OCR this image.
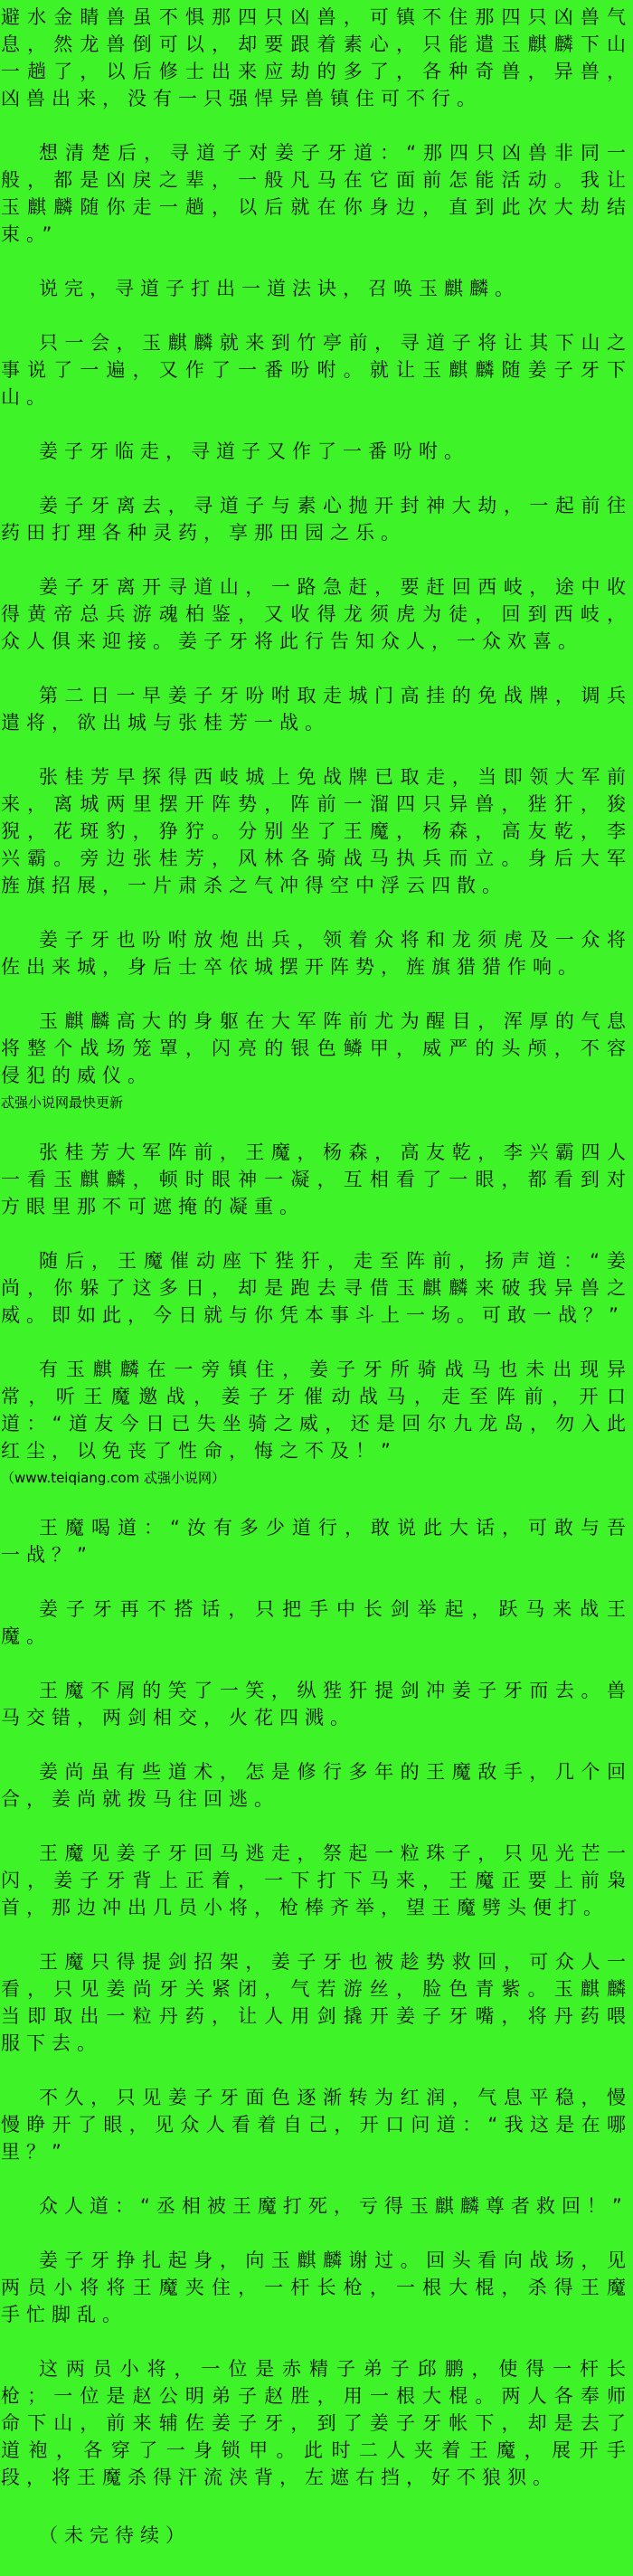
避水金睛兽虽不惧那四只凶兽，可镇不住那四只凶兽气息，然龙兽倒可以，却要跟着素心，只能遣玉麒麟下山一趟了，以后修士出来应劫的多了，各种奇兽，异兽，凶兽出来，没有一只强悍异兽镇住可不行。

想清楚后，寻道子对姜子牙道：“那四只凶兽非同一般，都是凶戾之辈，一般凡马在它面前怎能活动。我让玉麒麟随你走一趟，以后就在你身边，直到此次大劫结束。”

说完，寻道子打出一道法诀，召唤玉麒麟。

只一会，玉麒麟就来到竹亭前，寻道子将让其下山之事说了一遍，又作了一番吩咐。就让玉麒麟随姜子牙下山。

姜子牙临走，寻道子又作了一番吩咐。

姜子牙离去，寻道子与素心抛开封神大劫，一起前往药田打理各种灵药，享那田园之乐。

姜子牙离开寻道山，一路急赶，要赶回西岐，途中收得黄帝总兵游魂柏鉴，又收得龙须虎为徒，回到西岐，众人俱来迎接。姜子牙将此行告知众人，一众欢喜。

第二日一早姜子牙吩咐取走城门高挂的免战牌，调兵遣将，欲出城与张桂芳一战。

张桂芳早探得西岐城上免战牌已取走，当即领大军前来，离城两里摆开阵势，阵前一溜四只异兽，狴犴，狻猊，花斑豹，狰狞。分别坐了王魔，杨森，高友乾，李兴霸。旁边张桂芳，风林各骑战马执兵而立。身后大军旌旗招展，一片肃杀之气冲得空中浮云四散。

姜子牙也吩咐放炮出兵，领着众将和龙须虎及一众将佐出来城，身后士卒依城摆开阵势，旌旗猎猎作响。

玉麒麟高大的身躯在大军阵前尤为醒目，浑厚的气息将整个战场笼罩，闪亮的银色鳞甲，威严的头颅，不容侵犯的威仪。

忒强小说网最快更新

张桂芳大军阵前，王魔，杨森，高友乾，李兴霸四人一看玉麒麟，顿时眼神一凝，互相看了一眼，都看到对方眼里那不可遮掩的凝重。

随后，王魔催动座下狴犴，走至阵前，扬声道：“姜尚，你躲了这多日，却是跑去寻借玉麒麟来破我异兽之威。即如此，今日就与你凭本事斗上一场。可敢一战？”

有玉麒麟在一旁镇住，姜子牙所骑战马也未出现异常，听王魔邀战，姜子牙催动战马，走至阵前，开口道：“道友今日已失坐骑之威，还是回尔九龙岛，勿入此红尘，以免丧了性命，悔之不及！”

（www.teiqiang.com 忒强小说网）

王魔喝道：“汝有多少道行，敢说此大话，可敢与吾一战？”

姜子牙再不搭话，只把手中长剑举起，跃马来战王魔。

王魔不屑的笑了一笑，纵狴犴提剑冲姜子牙而去。兽马交错，两剑相交，火花四溅。

姜尚虽有些道术，怎是修行多年的王魔敌手，几个回合，姜尚就拨马往回逃。

王魔见姜子牙回马逃走，祭起一粒珠子，只见光芒一闪，姜子牙背上正着，一下打下马来，王魔正要上前枭首，那边冲出几员小将，枪棒齐举，望王魔劈头便打。

王魔只得提剑招架，姜子牙也被趁势救回，可众人一看，只见姜尚牙关紧闭，气若游丝，脸色青紫。玉麒麟当即取出一粒丹药，让人用剑撬开姜子牙嘴，将丹药喂服下去。

不久，只见姜子牙面色逐渐转为红润，气息平稳，慢慢睁开了眼，见众人看着自己，开口问道：“我这是在哪里？”

众人道：“丞相被王魔打死，亏得玉麒麟尊者救回！”

姜子牙挣扎起身，向玉麒麟谢过。回头看向战场，见两员小将将王魔夹住，一杆长枪，一根大棍，杀得王魔手忙脚乱。

这两员小将，一位是赤精子弟子邱鹏，使得一杆长枪；一位是赵公明弟子赵胜，用一根大棍。两人各奉师命下山，前来辅佐姜子牙，到了姜子牙帐下，却是去了道袍，各穿了一身锁甲。此时二人夹着王魔，展开手段，将王魔杀得汗流浃背，左遮右挡，好不狼狈。

（未完待续）
